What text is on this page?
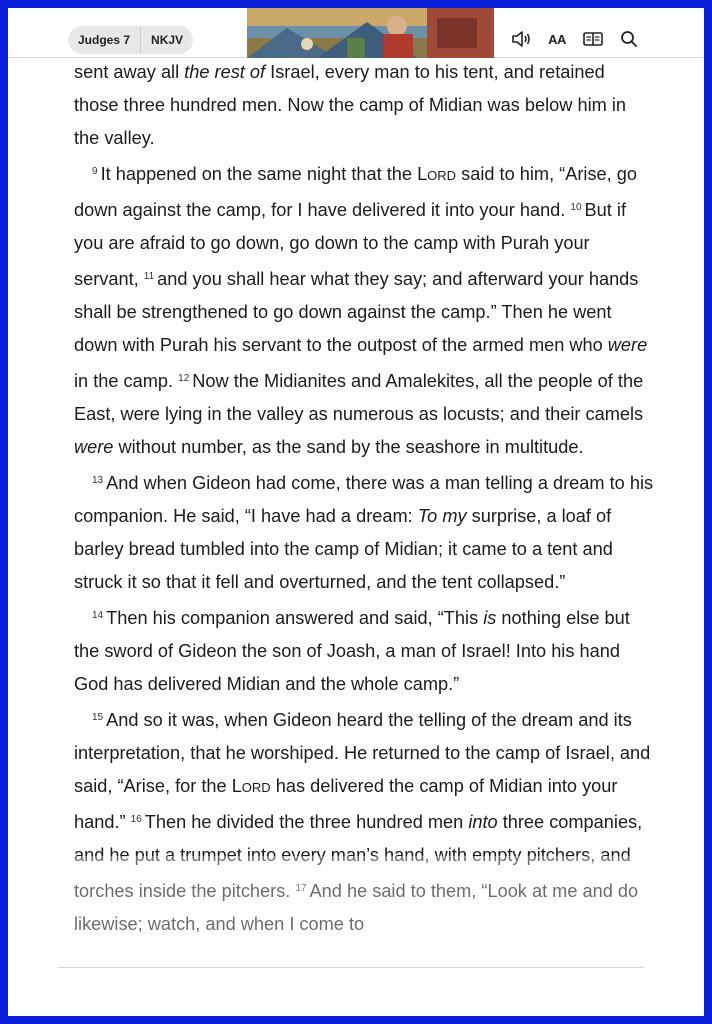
Judges 7	NKJV	AA

sent away all the rest of Israel, every man to his tent, and retained those three hundred men. Now the camp of Midian was below him in the valley.

$^9$ It happened on the same night that the Lord said to him, “Arise, go down against the camp, for I have delivered it into your hand. $^{10}$ But if you are afraid to go down, go down to the camp with Purah your servant, $^{11}$ and you shall hear what they say; and afterward your hands shall be strengthened to go down against the camp.” Then he went down with Purah his servant to the outpost of the armed men who were in the camp. $^{12}$ Now the Midianites and Amalekites, all the people of the East, were lying in the valley as numerous as locusts; and their camels were without number, as the sand by the seashore in multitude.

$^{13}$ And when Gideon had come, there was a man telling a dream to his companion. He said, “I have had a dream: To my surprise, a loaf of barley bread tumbled into the camp of Midian; it came to a tent and struck it so that it fell and overturned, and the tent collapsed.”

$^{14}$ Then his companion answered and said, “This is nothing else but the sword of Gideon the son of Joash, a man of Israel! Into his hand God has delivered Midian and the whole camp.”

$^{15}$ And so it was, when Gideon heard the telling of the dream and its interpretation, that he worshiped. He returned to the camp of Israel, and said, “Arise, for the Lord has delivered the camp of Midian into your hand.” $^{16}$ Then he divided the three hundred men into three companies, and he put a trumpet into every man’s hand, with empty pitchers, and torches inside the pitchers. $^{17}$ And he said to them, “Look at me and do likewise; watch, and when I come to
